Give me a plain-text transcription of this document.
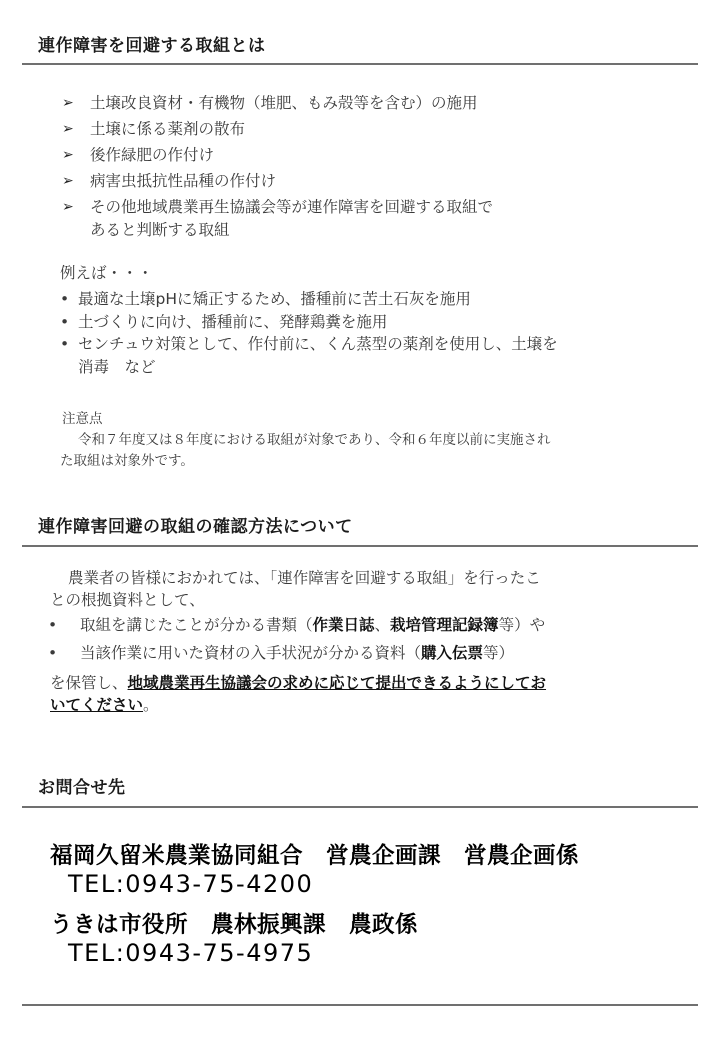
連作障害を回避する取組とは
➢ 土壌改良資材・有機物（堆肥、もみ殻等を含む）の施用
➢ 土壌に係る薬剤の散布
➢ 後作緑肥の作付け
➢ 病害虫抵抗性品種の作付け
➢ その他地域農業再生協議会等が連作障害を回避する取組で
あると判断する取組
例えば・・・
• 最適な土壌pHに矯正するため、播種前に苦土石灰を施用
• 土づくりに向け、播種前に、発酵鶏糞を施用
• センチュウ対策として、作付前に、くん蒸型の薬剤を使用し、土壌を
消毒　など
注意点
令和７年度又は８年度における取組が対象であり、令和６年度以前に実施され
た取組は対象外です。
連作障害回避の取組の確認方法について
農業者の皆様におかれては、「連作障害を回避する取組」を行ったこ
との根拠資料として、
• 取組を講じたことが分かる書類（作業日誌、栽培管理記録簿等）や
• 当該作業に用いた資材の入手状況が分かる資料（購入伝票等）
を保管し、地域農業再生協議会の求めに応じて提出できるようにしてお
いてください。
お問合せ先
福岡久留米農業協同組合　営農企画課　営農企画係
TEL:0943-75-4200
うきは市役所　農林振興課　農政係
TEL:0943-75-4975
